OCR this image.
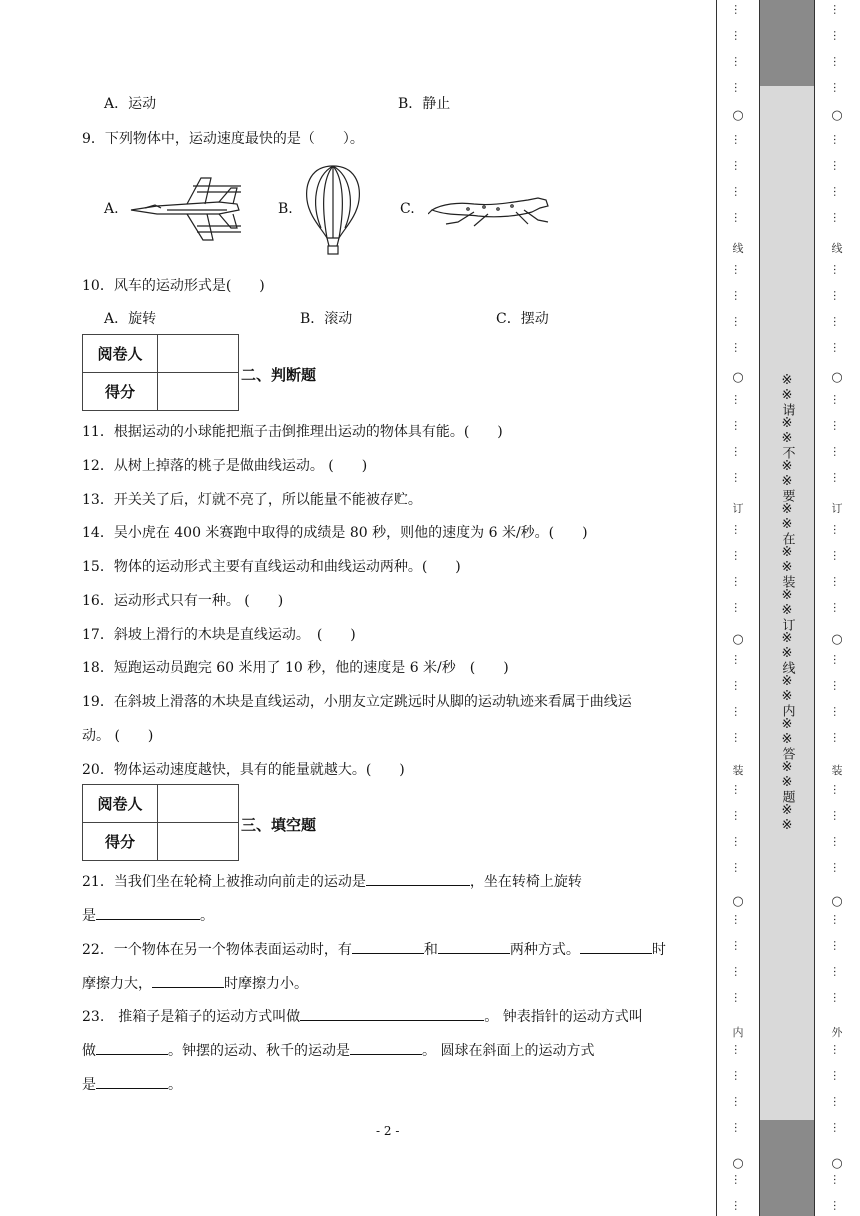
A．运动	B．静止
9．下列物体中，运动速度最快的是（　　）。
A.	B.	C.
10．风车的运动形式是(　　)
A．旋转	B．滚动	C．摆动
阅卷人	
得分	
二、判断题
11．根据运动的小球能把瓶子击倒推理出运动的物体具有能。(　　)
12．从树上掉落的桃子是做曲线运动。 (　　)
13．开关关了后，灯就不亮了，所以能量不能被存贮。
14．吴小虎在 400 米赛跑中取得的成绩是 80 秒，则他的速度为 6 米/秒。(　　)
15．物体的运动形式主要有直线运动和曲线运动两种。(　　)
16．运动形式只有一种。 (　　)
17．斜坡上滑行的木块是直线运动。　(　　)
18．短跑运动员跑完 60 米用了 10 秒，他的速度是 6 米/秒　(　　)
19．在斜坡上滑落的木块是直线运动，小朋友立定跳远时从脚的运动轨迹来看属于曲线运
动。 (　　)
20．物体运动速度越快，具有的能量就越大。(　　)
阅卷人	
得分	
三、填空题
21．当我们坐在轮椅上被推动向前走的运动是	，坐在转椅上旋转
是	。
22．一个物体在另一个物体表面运动时，有	和	两种方式。	时
摩擦力大，	时摩擦力小。
23.　推箱子是箱子的运动方式叫做	。 钟表指针的运动方式叫
做	。钟摆的运动、秋千的运动是	。 圆球在斜面上的运动方式
是	。
- 2 -
※※请※※不※※要※※在※※装※※订※※线※※内※※答※※题※※
线
订
装
内
…
…
…
…
…
…
…
…
…
…
…
…
…
…
…
…
…
…
…
…
…
…
…
…
…
…
…
…
…
…
…
…
…
…
…
…
…
…
○
○
○
○
○
线
订
装
外
…
…
…
…
…
…
…
…
…
…
…
…
…
…
…
…
…
…
…
…
…
…
…
…
…
…
…
…
…
…
…
…
…
…
…
…
…
…
○
○
○
○
○
